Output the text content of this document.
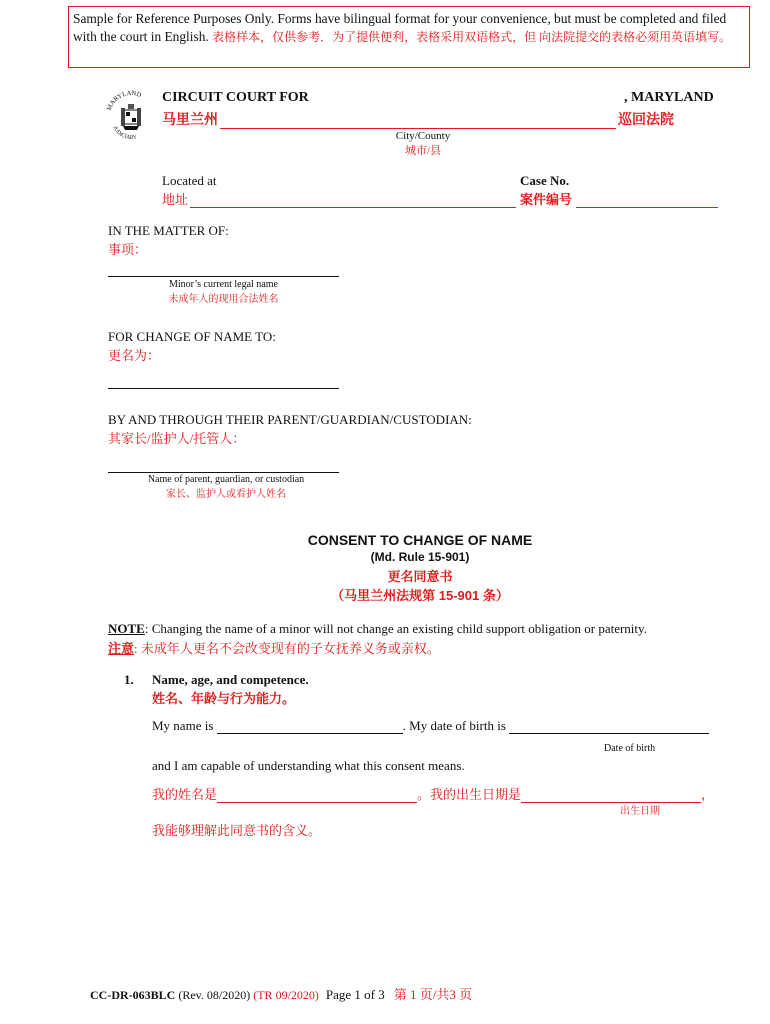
Sample for Reference Purposes Only. Forms have bilingual format for your convenience, but must be completed and filed with the court in English. 表格样本，仅供参考．为了提供便利，表格采用双语格式，但 向法院提交的表格必须用英语填写。
MARYLAND
JUDICIARY
CIRCUIT COURT FOR	, MARYLAND
马里兰州	巡回法院
City/County
城市/县
Located at
地址
Case No.
案件编号
IN THE MATTER OF:
事项：
Minor’s current legal name
未成年人的现用合法姓名
FOR CHANGE OF NAME TO:
更名为：
BY AND THROUGH THEIR PARENT/GUARDIAN/CUSTODIAN:
其家长/监护人/托管人：
Name of parent, guardian, or custodian
家长、监护人或看护人姓名
CONSENT TO CHANGE OF NAME
(Md. Rule 15-901)
更名同意书
（马里兰州法规第 15-901 条）
NOTE: Changing the name of a minor will not change an existing child support obligation or paternity.
注意: 未成年人更名不会改变现有的子女抚养义务或亲权。
1. Name, age, and competence.
姓名、年龄与行为能力。
My name is	. My date of birth is
Date of birth
and I am capable of understanding what this consent means.
我的姓名是	。我的出生日期是	，
出生日期
我能够理解此同意书的含义。
CC-DR-063BLC (Rev. 08/2020) (TR 09/2020) Page 1 of 3 第 1 页/共3 页
